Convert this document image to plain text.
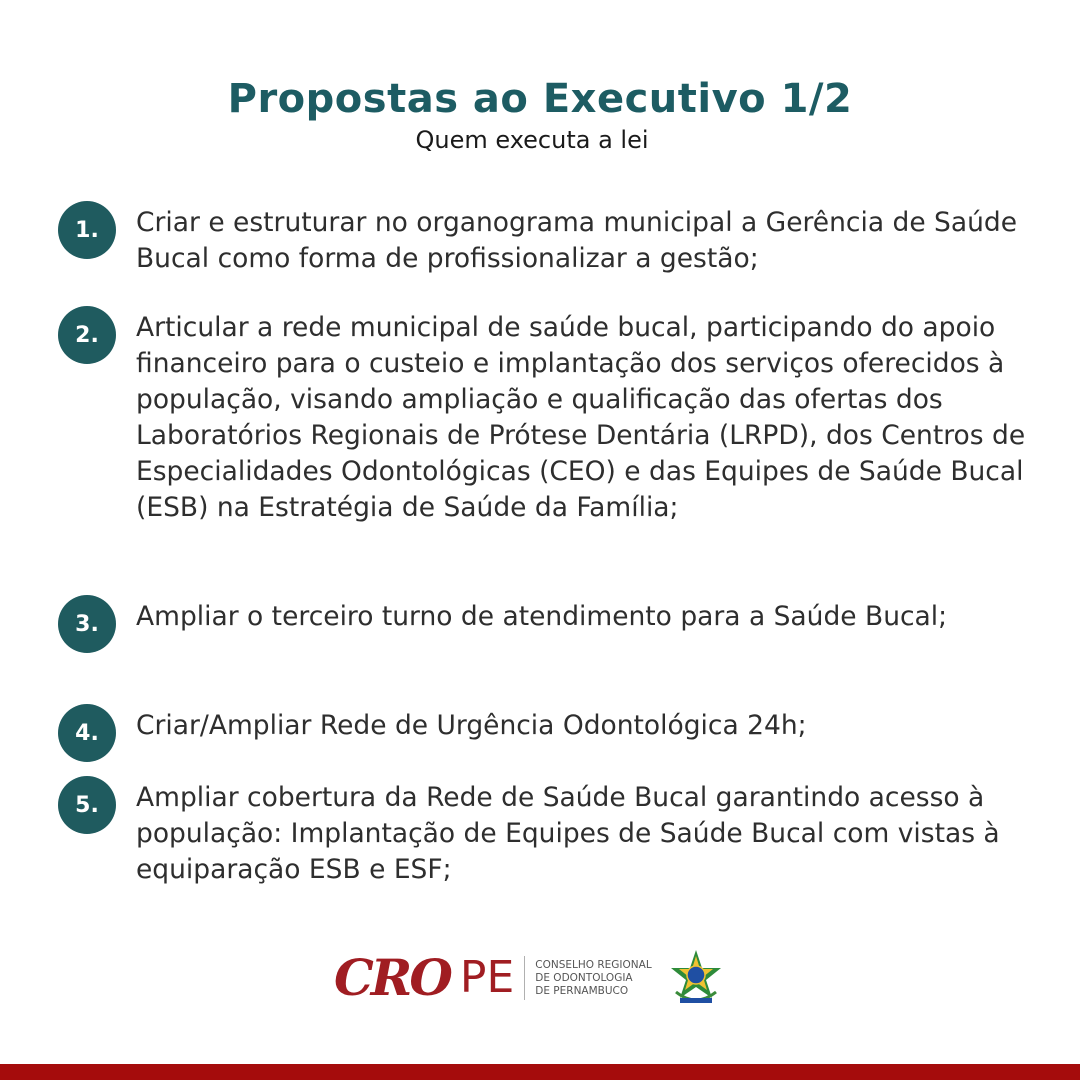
Propostas ao Executivo 1/2

Quem executa a lei

1.	Criar e estruturar no organograma municipal a Gerência de Saúde Bucal como forma de profissionalizar a gestão;

2.	Articular a rede municipal de saúde bucal, participando do apoio financeiro para o custeio e implantação dos serviços oferecidos à população, visando ampliação e qualificação das ofertas dos Laboratórios Regionais de Prótese Dentária (LRPD), dos Centros de Especialidades Odontológicas (CEO) e das Equipes de Saúde Bucal (ESB) na Estratégia de Saúde da Família;

3.	Ampliar o terceiro turno de atendimento para a Saúde Bucal;

4.	Criar/Ampliar Rede de Urgência Odontológica 24h;

5.	Ampliar cobertura da Rede de Saúde Bucal garantindo acesso à população: Implantação de Equipes de Saúde Bucal com vistas à equiparação ESB e ESF;

CRO PE CONSELHO REGIONAL
DE ODONTOLOGIA
DE PERNAMBUCO
